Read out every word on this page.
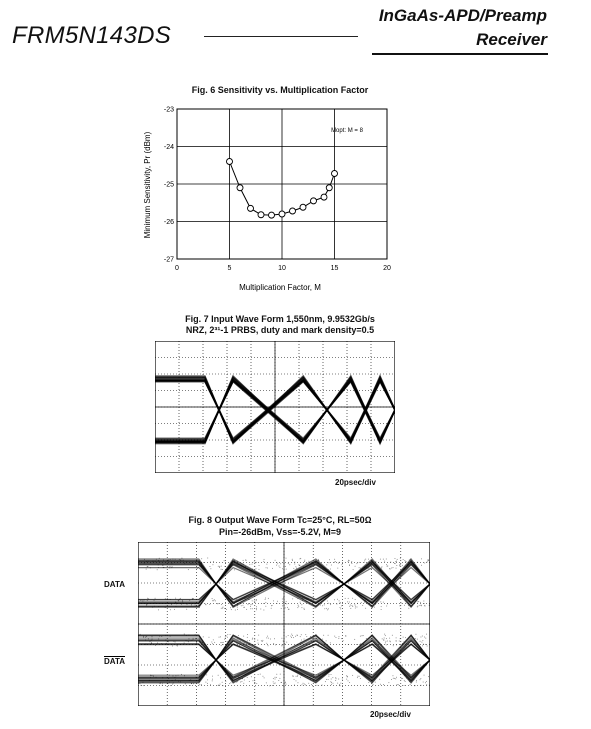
FRM5N143DS
InGaAs-APD/Preamp
Receiver
Fig. 6 Sensitivity vs. Multiplication Factor
0	5	10	15	20
-23
-24
-25
-26
-27
Mopt: M = 8
Multiplication Factor, M
Minimum Sensitivity, Pr (dBm)
Fig. 7 Input Wave Form 1,550nm, 9.9532Gb/s
NRZ, 2³¹-1 PRBS, duty and mark density=0.5
20psec/div
Fig. 8 Output Wave Form Tc=25°C, RL=50Ω
Pin=-26dBm, Vss=-5.2V, M=9
DATA
DATA
20psec/div
